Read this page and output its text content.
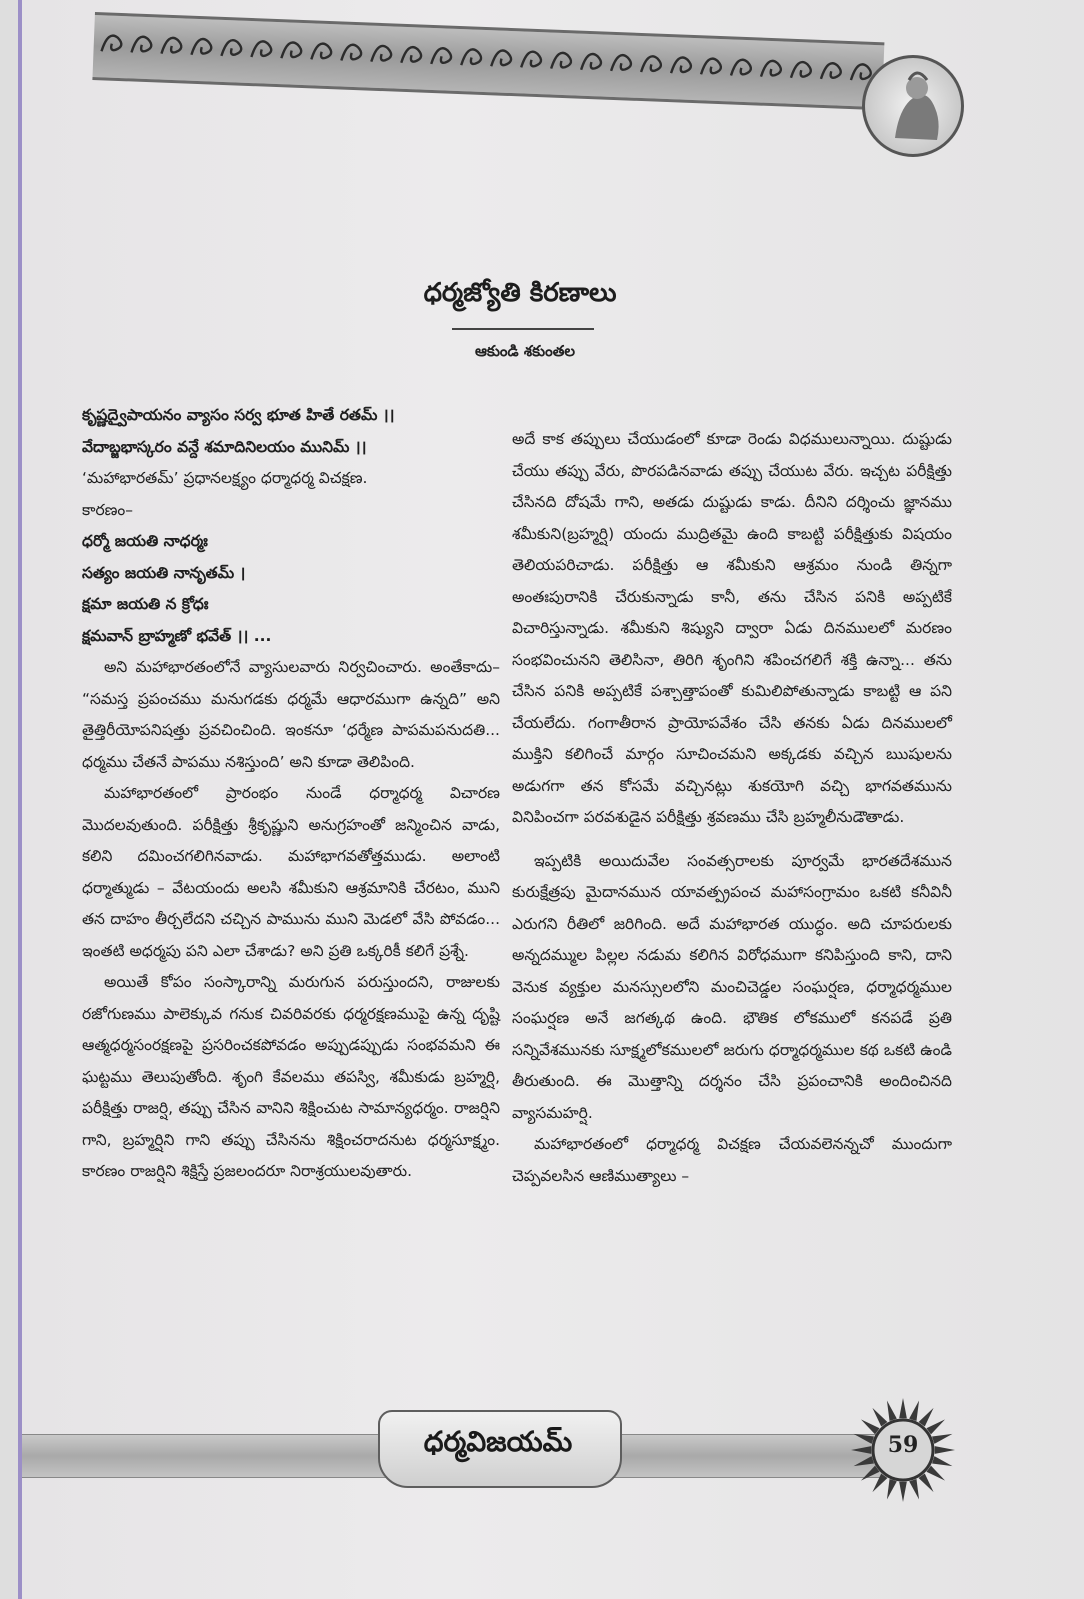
ధర్మజ్యోతి కిరణాలు
ఆకుండి శకుంతల

కృష్ణద్వైపాయనం వ్యాసం సర్వ భూత హితే రతమ్ ।।

వేదాబ్జభాస్కరం వన్దే శమాదినిలయం మునిమ్ ।।

‘మహాభారతమ్’ ప్రధానలక్ష్యం ధర్మాధర్మ విచక్షణ.

కారణం–

ధర్మో జయతి నాధర్మః

సత్యం జయతి నానృతమ్ ।

క్షమా జయతి న క్రోధః

క్షమవాన్ బ్రాహ్మణో భవేత్ ।। ...

అని మహాభారతంలోనే వ్యాసులవారు నిర్వచించారు. అంతేకాదు– “సమస్త ప్రపంచము మనుగడకు ధర్మమే ఆధారముగా ఉన్నది” అని తైత్తిరీయోపనిషత్తు ప్రవచించింది. ఇంకనూ ‘ధర్మేణ పాపమపనుదతి... ధర్మము చేతనే పాపము నశిస్తుంది’ అని కూడా తెలిపింది.

మహాభారతంలో ప్రారంభం నుండే ధర్మాధర్మ విచారణ మొదలవుతుంది. పరీక్షిత్తు శ్రీకృష్ణుని అనుగ్రహంతో జన్మించిన వాడు, కలిని దమించగలిగినవాడు. మహాభాగవతోత్తముడు. అలాంటి ధర్మాత్ముడు – వేటయందు అలసి శమీకుని ఆశ్రమానికి చేరటం, ముని తన దాహం తీర్చలేదని చచ్చిన పామును ముని మెడలో వేసి పోవడం... ఇంతటి అధర్మపు పని ఎలా చేశాడు? అని ప్రతి ఒక్కరికీ కలిగే ప్రశ్నే.

అయితే కోపం సంస్కారాన్ని మరుగున పరుస్తుందని, రాజులకు రజోగుణము పాలెక్కువ గనుక చివరివరకు ధర్మరక్షణముపై ఉన్న దృష్టి ఆత్మధర్మసంరక్షణపై ప్రసరించకపోవడం అప్పుడప్పుడు సంభవమని ఈ ఘట్టము తెలుపుతోంది. శృంగి కేవలము తపస్వి, శమీకుడు బ్రహ్మర్షి, పరీక్షిత్తు రాజర్షి, తప్పు చేసిన వానిని శిక్షించుట సామాన్యధర్మం. రాజర్షిని గాని, బ్రహ్మర్షిని గాని తప్పు చేసినను శిక్షించరాదనుట ధర్మసూక్ష్మం. కారణం రాజర్షిని శిక్షిస్తే ప్రజలందరూ నిరాశ్రయులవుతారు.

అదే కాక తప్పులు చేయుడంలో కూడా రెండు విధములున్నాయి. దుష్టుడు చేయు తప్పు వేరు, పొరపడినవాడు తప్పు చేయుట వేరు. ఇచ్చట పరీక్షిత్తు చేసినది దోషమే గాని, అతడు దుష్టుడు కాడు. దీనిని దర్శించు జ్ఞానము శమీకుని(బ్రహ్మర్షి) యందు ముద్రితమై ఉంది కాబట్టి పరీక్షిత్తుకు విషయం తెలియపరిచాడు. పరీక్షిత్తు ఆ శమీకుని ఆశ్రమం నుండి తిన్నగా అంతఃపురానికి చేరుకున్నాడు కానీ, తను చేసిన పనికి అప్పటికే విచారిస్తున్నాడు. శమీకుని శిష్యుని ద్వారా ఏడు దినములలో మరణం సంభవించునని తెలిసినా, తిరిగి శృంగిని శపించగలిగే శక్తి ఉన్నా... తను చేసిన పనికి అప్పటికే పశ్చాత్తాపంతో కుమిలిపోతున్నాడు కాబట్టి ఆ పని చేయలేదు. గంగాతీరాన ప్రాయోపవేశం చేసి తనకు ఏడు దినములలో ముక్తిని కలిగించే మార్గం సూచించమని అక్కడకు వచ్చిన ఋషులను అడుగగా తన కోసమే వచ్చినట్లు శుకయోగి వచ్చి భాగవతమును వినిపించగా పరవశుడైన పరీక్షిత్తు శ్రవణము చేసి బ్రహ్మలీనుడౌతాడు.

ఇప్పటికి అయిదువేల సంవత్సరాలకు పూర్వమే భారతదేశమున కురుక్షేత్రపు మైదానమున యావత్ప్రపంచ మహాసంగ్రామం ఒకటి కనీవినీ ఎరుగని రీతిలో జరిగింది. అదే మహాభారత యుద్ధం. అది చూపరులకు అన్నదమ్ముల పిల్లల నడుమ కలిగిన విరోధముగా కనిపిస్తుంది కాని, దాని వెనుక వ్యక్తుల మనస్సులలోని మంచిచెడ్డల సంఘర్షణ, ధర్మాధర్మముల సంఘర్షణ అనే జగత్కథ ఉంది. భౌతిక లోకములో కనపడే ప్రతి సన్నివేశమునకు సూక్ష్మలోకములలో జరుగు ధర్మాధర్మముల కథ ఒకటి ఉండి తీరుతుంది. ఈ మొత్తాన్ని దర్శనం చేసి ప్రపంచానికి అందించినది వ్యాసమహర్షి.

మహాభారతంలో ధర్మాధర్మ విచక్షణ చేయవలెనన్నచో ముందుగా చెప్పవలసిన ఆణిముత్యాలు –

ధర్మవిజయమ్	59
